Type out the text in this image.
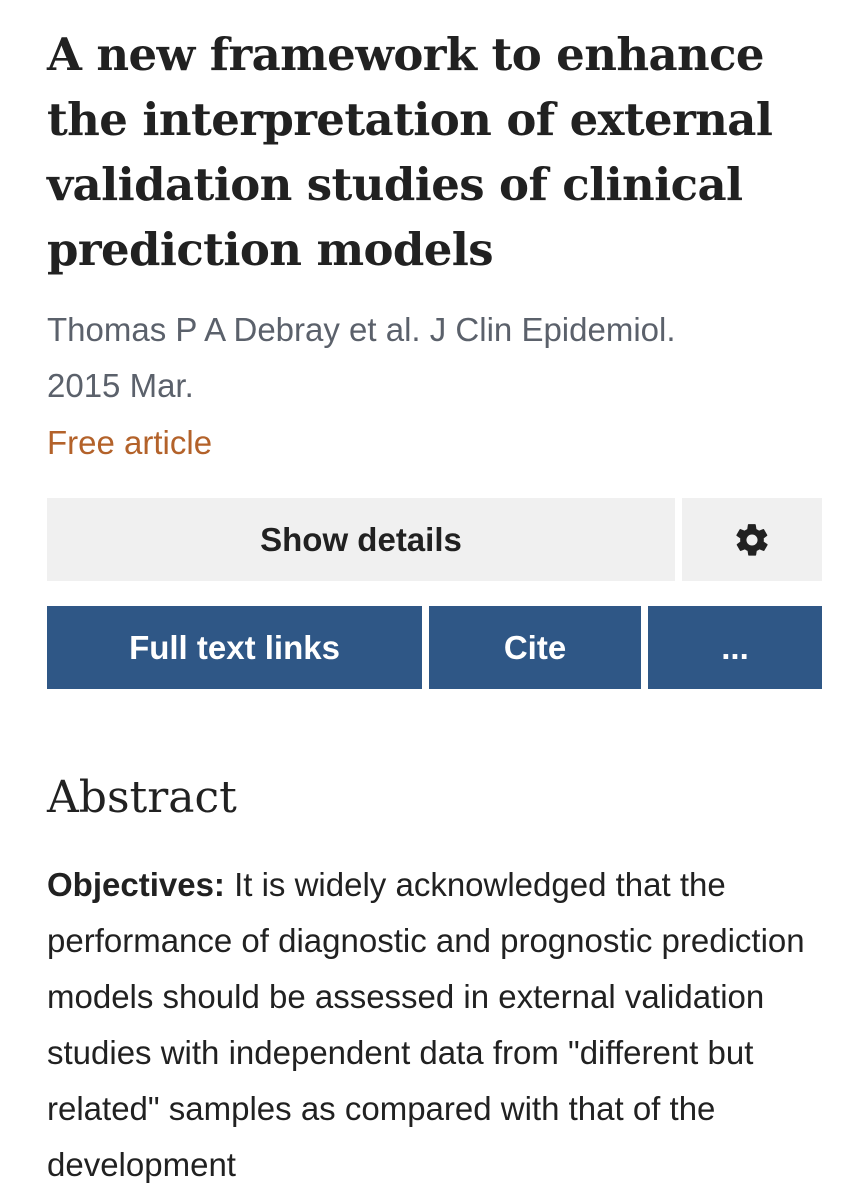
A new framework to enhance the interpretation of external validation studies of clinical prediction models
Thomas P A Debray et al. J Clin Epidemiol.
2015 Mar.
Free article
Show details
Full text links	Cite	...
Abstract

Objectives: It is widely acknowledged that the performance of diagnostic and prognostic prediction models should be assessed in external validation studies with independent data from "different but related" samples as compared with that of the development
